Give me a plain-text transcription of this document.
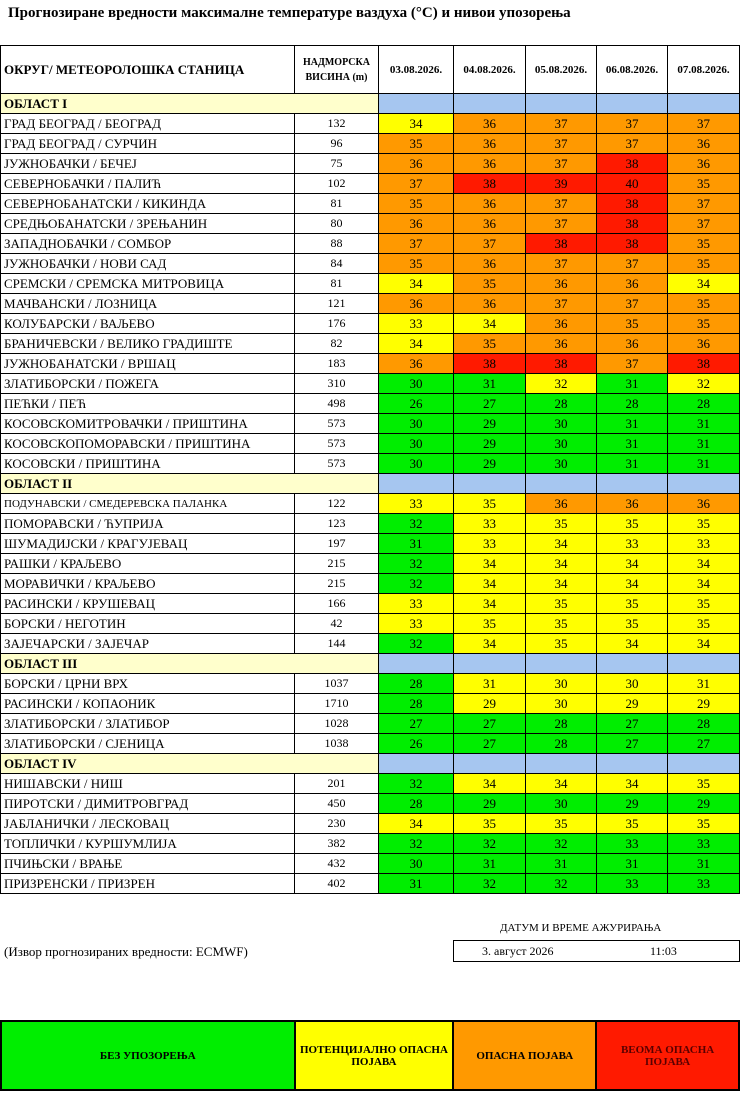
Прогнозиране вредности максималне температуре ваздуха (°C) и нивои упозорења
ОКРУГ/ МЕТЕОРОЛОШКА СТАНИЦА	НАДМОРСКА ВИСИНА (m)	03.08.2026.	04.08.2026.	05.08.2026.	06.08.2026.	07.08.2026.
ОБЛАСТ I						
ГРАД БЕОГРАД / БЕОГРАД	132	34	36	37	37	37
ГРАД БЕОГРАД / СУРЧИН	96	35	36	37	37	36
ЈУЖНОБАЧКИ / БЕЧЕЈ	75	36	36	37	38	36
СЕВЕРНОБАЧКИ / ПАЛИЋ	102	37	38	39	40	35
СЕВЕРНОБАНАТСКИ / КИКИНДА	81	35	36	37	38	37
СРЕДЊОБАНАТСКИ / ЗРЕЊАНИН	80	36	36	37	38	37
ЗАПАДНОБАЧКИ / СОМБОР	88	37	37	38	38	35
ЈУЖНОБАЧКИ / НОВИ САД	84	35	36	37	37	35
СРЕМСКИ / СРЕМСКА МИТРОВИЦА	81	34	35	36	36	34
МАЧВАНСКИ / ЛОЗНИЦА	121	36	36	37	37	35
КОЛУБАРСКИ / ВАЉЕВО	176	33	34	36	35	35
БРАНИЧЕВСКИ / ВЕЛИКО ГРАДИШТЕ	82	34	35	36	36	36
ЈУЖНОБАНАТСКИ / ВРШАЦ	183	36	38	38	37	38
ЗЛАТИБОРСКИ / ПОЖЕГА	310	30	31	32	31	32
ПЕЋКИ / ПЕЋ	498	26	27	28	28	28
КОСОВСКОМИТРОВАЧКИ / ПРИШТИНА	573	30	29	30	31	31
КОСОВСКОПОМОРАВСКИ / ПРИШТИНА	573	30	29	30	31	31
КОСОВСКИ / ПРИШТИНА	573	30	29	30	31	31
ОБЛАСТ II						
ПОДУНАВСКИ / СМЕДЕРЕВСКА ПАЛАНКА	122	33	35	36	36	36
ПОМОРАВСКИ / ЋУПРИЈА	123	32	33	35	35	35
ШУМАДИЈСКИ / КРАГУЈЕВАЦ	197	31	33	34	33	33
РАШКИ / КРАЉЕВО	215	32	34	34	34	34
МОРАВИЧКИ / КРАЉЕВО	215	32	34	34	34	34
РАСИНСКИ / КРУШЕВАЦ	166	33	34	35	35	35
БОРСКИ / НЕГОТИН	42	33	35	35	35	35
ЗАЈЕЧАРСКИ / ЗАЈЕЧАР	144	32	34	35	34	34
ОБЛАСТ III						
БОРСКИ / ЦРНИ ВРХ	1037	28	31	30	30	31
РАСИНСКИ / КОПАОНИК	1710	28	29	30	29	29
ЗЛАТИБОРСКИ / ЗЛАТИБОР	1028	27	27	28	27	28
ЗЛАТИБОРСКИ / СЈЕНИЦА	1038	26	27	28	27	27
ОБЛАСТ IV						
НИШАВСКИ / НИШ	201	32	34	34	34	35
ПИРОТСКИ / ДИМИТРОВГРАД	450	28	29	30	29	29
ЈАБЛАНИЧКИ / ЛЕСКОВАЦ	230	34	35	35	35	35
ТОПЛИЧКИ / КУРШУМЛИЈА	382	32	32	32	33	33
ПЧИЊСКИ / ВРАЊЕ	432	30	31	31	31	31
ПРИЗРЕНСКИ / ПРИЗРЕН	402	31	32	32	33	33
ДАТУМ И ВРЕМЕ АЖУРИРАЊА
(Извор прогнозираних вредности: ECMWF)	3. август 2026	11:03
БЕЗ УПОЗОРЕЊА	ПОТЕНЦИЈАЛНО ОПАСНА ПОЈАВА	ОПАСНА ПОЈАВА	ВЕОМА ОПАСНА ПОЈАВА
